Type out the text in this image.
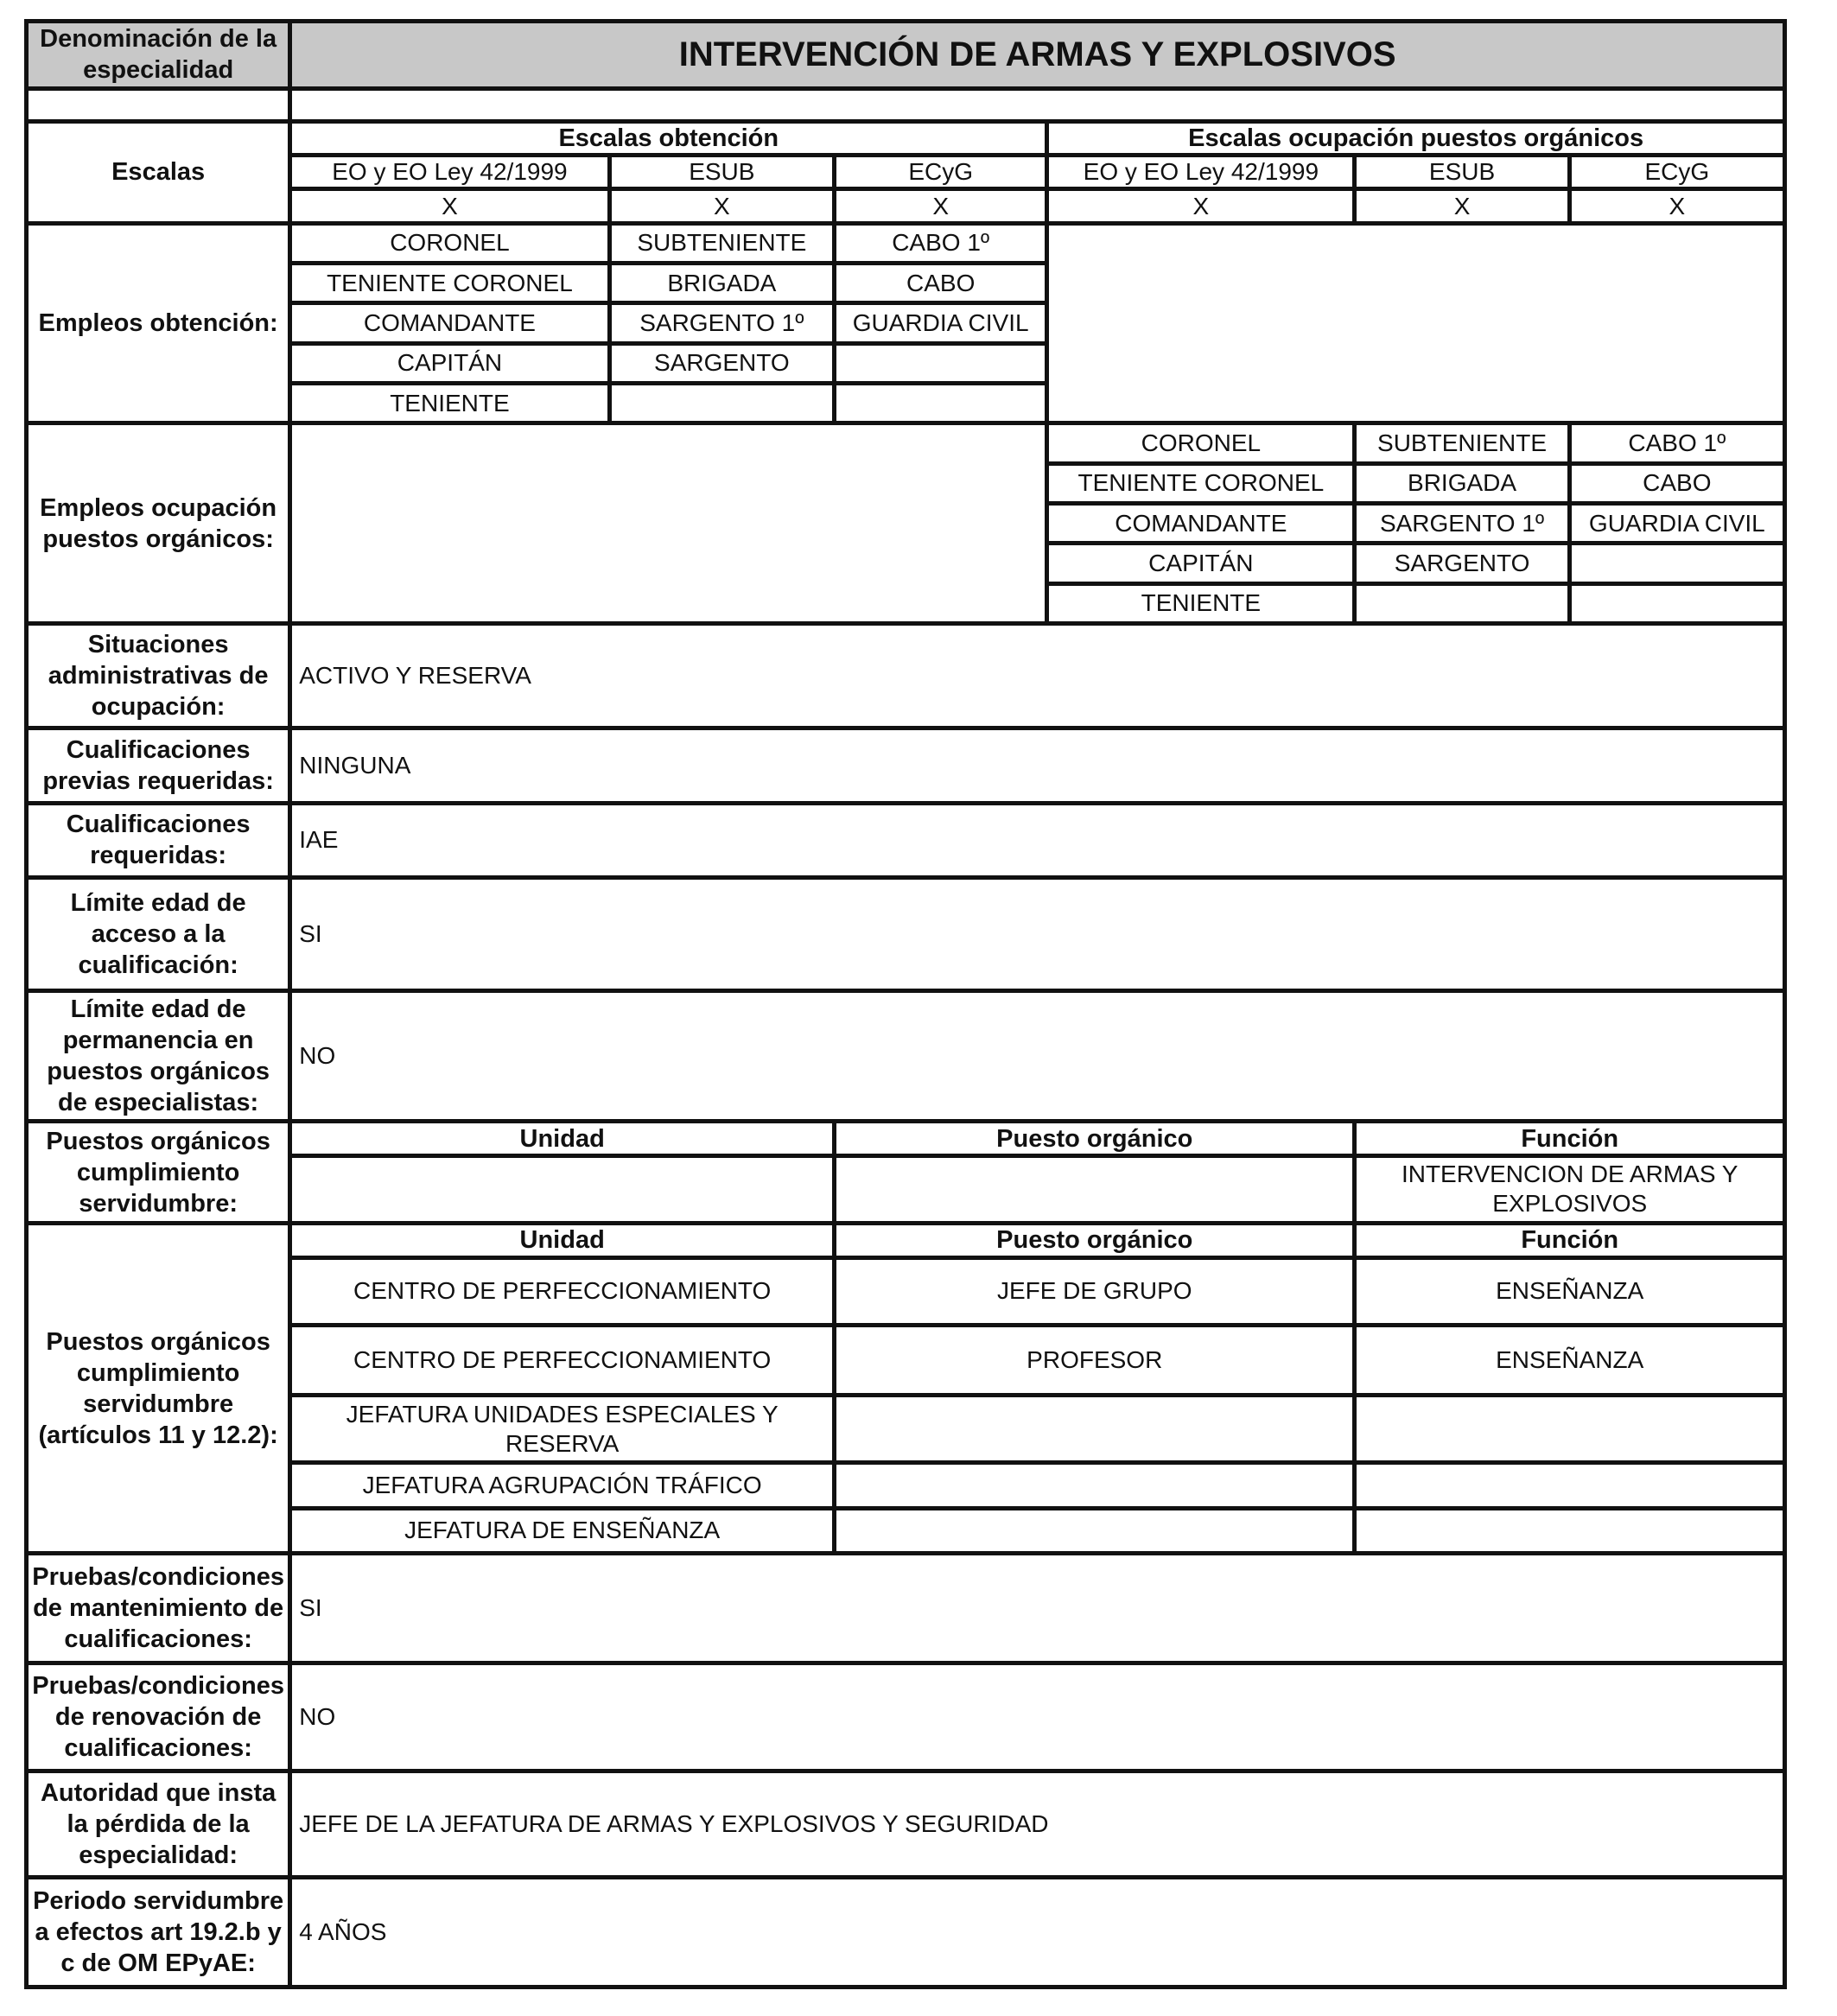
Denominación de la especialidad	INTERVENCIÓN DE ARMAS Y EXPLOSIVOS					

Escalas	Escalas obtención			Escalas ocupación puestos orgánicos		
	EO y EO Ley 42/1999	ESUB	ECyG	EO y EO Ley 42/1999	ESUB	ECyG
	X	X	X	X	X	X
Empleos obtención:	CORONEL	SUBTENIENTE	CABO 1º			
	TENIENTE CORONEL	BRIGADA	CABO			
	COMANDANTE	SARGENTO 1º	GUARDIA CIVIL			
	CAPITÁN	SARGENTO				
	TENIENTE					
Empleos ocupación puestos orgánicos:				CORONEL	SUBTENIENTE	CABO 1º
				TENIENTE CORONEL	BRIGADA	CABO
				COMANDANTE	SARGENTO 1º	GUARDIA CIVIL
				CAPITÁN	SARGENTO	
				TENIENTE		
Situaciones administrativas de ocupación:	ACTIVO Y RESERVA					
Cualificaciones previas requeridas:	NINGUNA					
Cualificaciones requeridas:	IAE					
Límite edad de acceso a la cualificación:	SI					
Límite edad de permanencia en puestos orgánicos de especialistas:	NO					
Puestos orgánicos cumplimiento servidumbre:	Unidad		Puesto orgánico		Función	
					INTERVENCION DE ARMAS Y EXPLOSIVOS	
Puestos orgánicos cumplimiento servidumbre (artículos 11 y 12.2):	Unidad		Puesto orgánico		Función	
	CENTRO DE PERFECCIONAMIENTO		JEFE DE GRUPO		ENSEÑANZA	
	CENTRO DE PERFECCIONAMIENTO		PROFESOR		ENSEÑANZA	
	JEFATURA UNIDADES ESPECIALES Y RESERVA					
	JEFATURA AGRUPACIÓN TRÁFICO					
	JEFATURA DE ENSEÑANZA					
Pruebas/condiciones de mantenimiento de cualificaciones:	SI					
Pruebas/condiciones de renovación de cualificaciones:	NO					
Autoridad que insta la pérdida de la especialidad:	JEFE DE LA JEFATURA DE ARMAS Y EXPLOSIVOS Y SEGURIDAD					
Periodo servidumbre a efectos art 19.2.b y c de OM EPyAE:	4 AÑOS					
